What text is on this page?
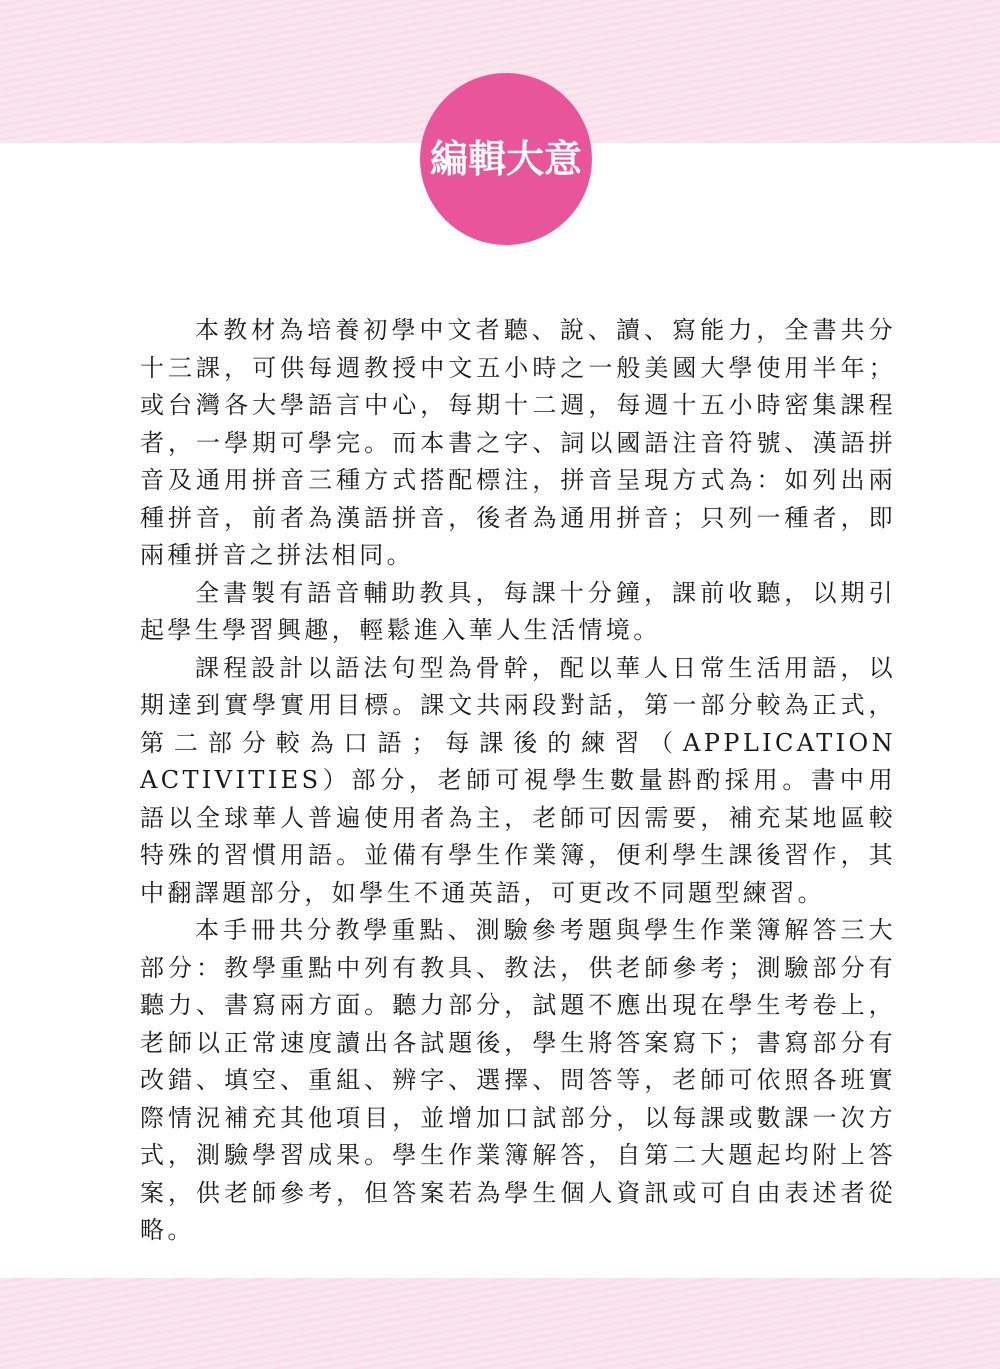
編輯大意

本教材為培養初學中文者聽、說、讀、寫能力，全書共分十三課，可供每週教授中文五小時之一般美國大學使用半年；或台灣各大學語言中心，每期十二週，每週十五小時密集課程者，一學期可學完。而本書之字、詞以國語注音符號、漢語拼音及通用拼音三種方式搭配標注，拼音呈現方式為：如列出兩種拼音，前者為漢語拼音，後者為通用拼音；只列一種者，即兩種拼音之拼法相同。

全書製有語音輔助教具，每課十分鐘，課前收聽，以期引起學生學習興趣，輕鬆進入華人生活情境。

課程設計以語法句型為骨幹，配以華人日常生活用語，以期達到實學實用目標。課文共兩段對話，第一部分較為正式，第二部分較為口語；每課後的練習（APPLICATION ACTIVITIES）部分，老師可視學生數量斟酌採用。書中用語以全球華人普遍使用者為主，老師可因需要，補充某地區較特殊的習慣用語。並備有學生作業簿，便利學生課後習作，其中翻譯題部分，如學生不通英語，可更改不同題型練習。

本手冊共分教學重點、測驗參考題與學生作業簿解答三大部分：教學重點中列有教具、教法，供老師參考；測驗部分有聽力、書寫兩方面。聽力部分，試題不應出現在學生考卷上，老師以正常速度讀出各試題後，學生將答案寫下；書寫部分有改錯、填空、重組、辨字、選擇、問答等，老師可依照各班實際情況補充其他項目，並增加口試部分，以每課或數課一次方式，測驗學習成果。學生作業簿解答，自第二大題起均附上答案，供老師參考，但答案若為學生個人資訊或可自由表述者從略。
